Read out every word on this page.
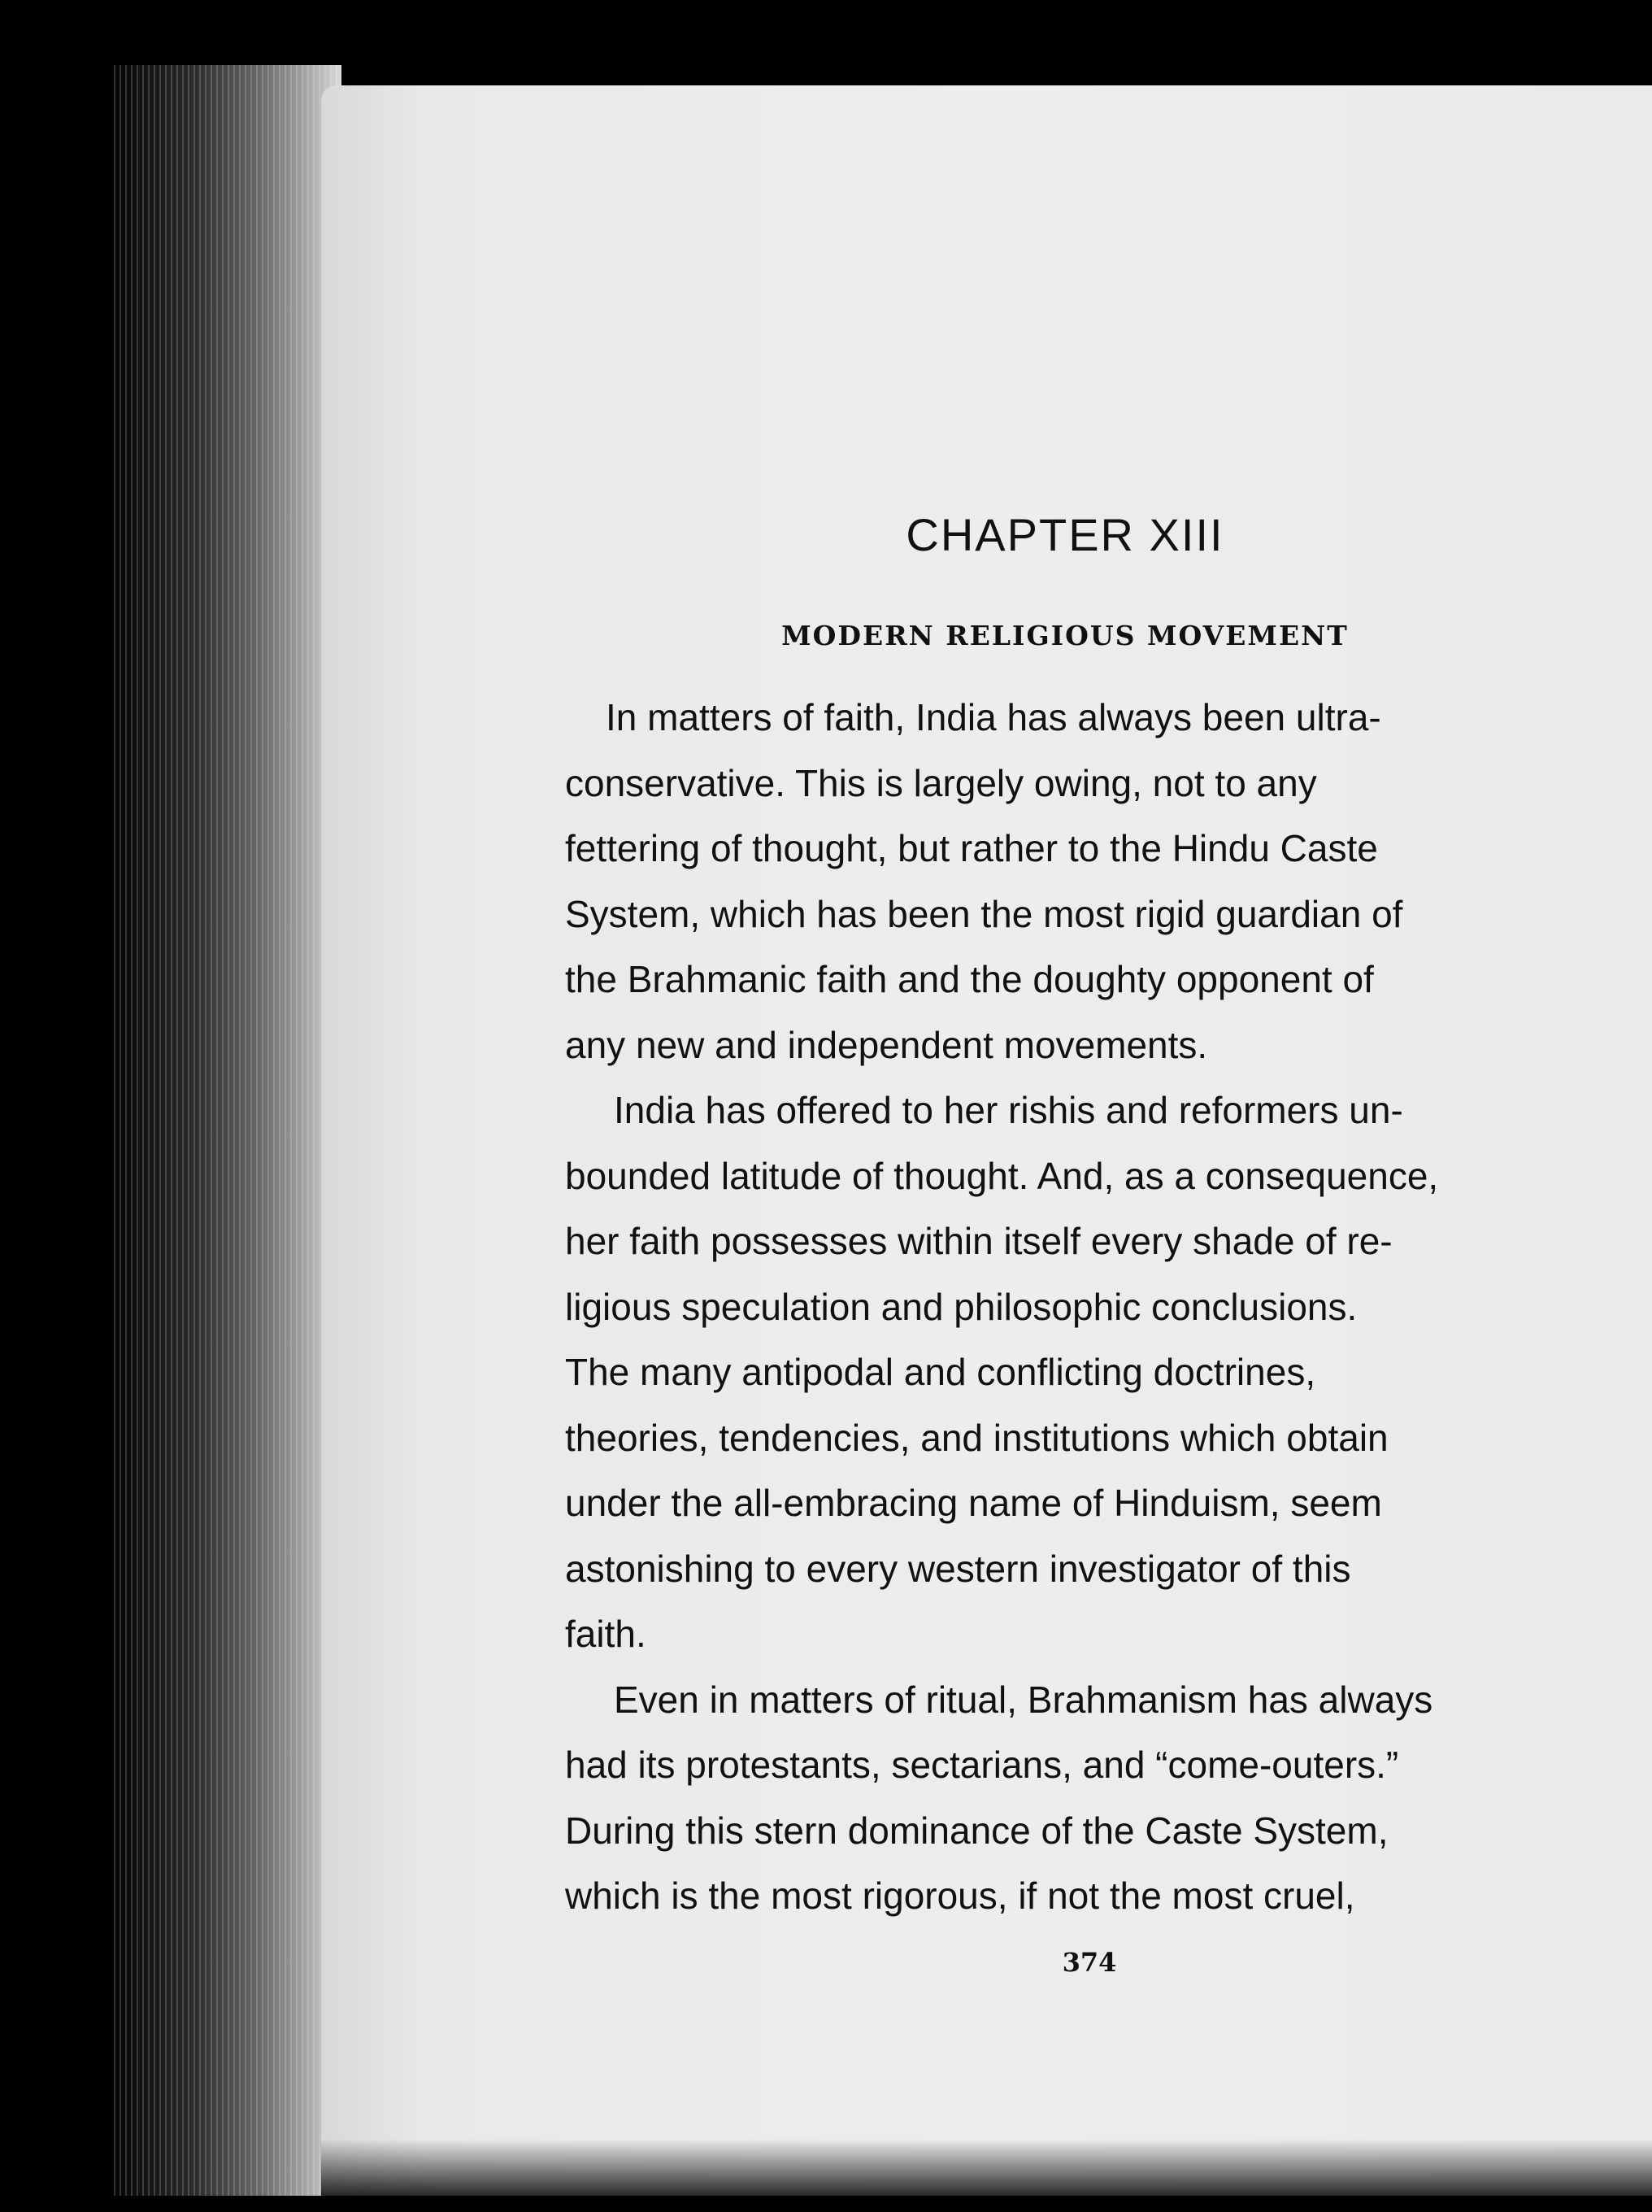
CHAPTER XIII
MODERN RELIGIOUS MOVEMENT

In matters of faith, India has always been ultra-

conservative. This is largely owing, not to any

fettering of thought, but rather to the Hindu Caste

System, which has been the most rigid guardian of

the Brahmanic faith and the doughty opponent of

any new and independent movements.

India has offered to her rishis and reformers un-

bounded latitude of thought. And, as a consequence,

her faith possesses within itself every shade of re-

ligious speculation and philosophic conclusions.

The many antipodal and conflicting doctrines,

theories, tendencies, and institutions which obtain

under the all-embracing name of Hinduism, seem

astonishing to every western investigator of this

faith.

Even in matters of ritual, Brahmanism has always

had its protestants, sectarians, and “come-outers.”

During this stern dominance of the Caste System,

which is the most rigorous, if not the most cruel,

374
